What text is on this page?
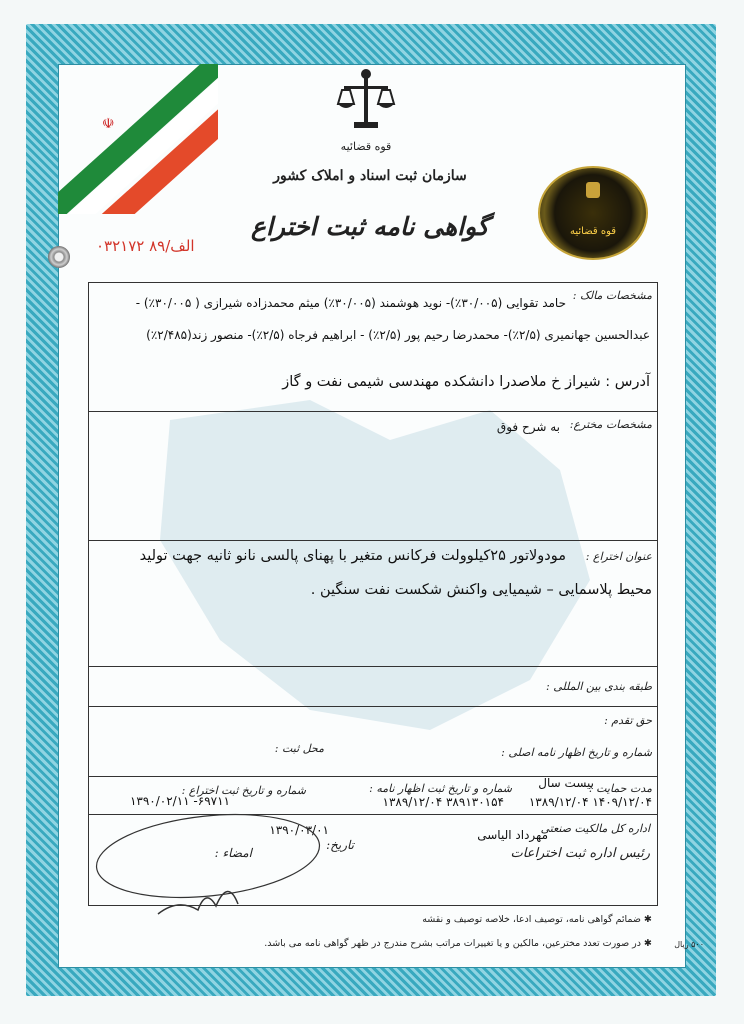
☫
قوه قضائیه
سازمان ثبت اسناد و املاک کشور
گواهی نامه ثبت اختراع	قوه قضائیه
۰۳۲۱۷۲ الف/۸۹
مشخصات مالک :
حامد تقوایی (۳۰/۰۰۵٪)- نوید هوشمند (۳۰/۰۰۵٪) میثم محمدزاده شیرازی ( ۳۰/۰۰۵٪) -
عبدالحسین جهانمیری (۲/۵٪)- محمدرضا رحیم پور (۲/۵٪) - ابراهیم فرجاه (۲/۵٪)- منصور زند(۲/۴۸۵٪)
آدرس : شیراز خ ملاصدرا دانشکده مهندسی شیمی نفت و گاز
مشخصات مخترع:
به شرح فوق
عنوان اختراع :
مودولاتور ۲۵کیلوولت فرکانس متغیر با پهنای پالسی نانو ثانیه جهت تولید
محیط پلاسمایی – شیمیایی واکنش شکست نفت سنگین .
طبقه بندی بین المللی :
حق تقدم :
شماره و تاریخ اظهار نامه اصلی :
محل ثبت :
مدت حمایت :
بیست سال
۱۴۰۹/۱۲/۰۴ ۱۳۸۹/۱۲/۰۴
شماره و تاریخ ثبت اظهار نامه :
۳۸۹۱۳۰۱۵۴ ۱۳۸۹/۱۲/۰۴
شماره و تاریخ ثبت اختراع :
۶۹۷۱۱- ۱۳۹۰/۰۲/۱۱
اداره کل مالکیت صنعتی
مهرداد الیاسی
رئیس اداره ثبت اختراعات
تاریخ:
۱۳۹۰/۰۳/۰۱
امضاء :
✱ ضمائم گواهی نامه، توصیف ادعا، خلاصه توصیف و نقشه
✱ در صورت تعدد مخترعین، مالکین و یا تغییرات مراتب بشرح مندرج در ظهر گواهی نامه می باشد.	۵۰۰ ریال
